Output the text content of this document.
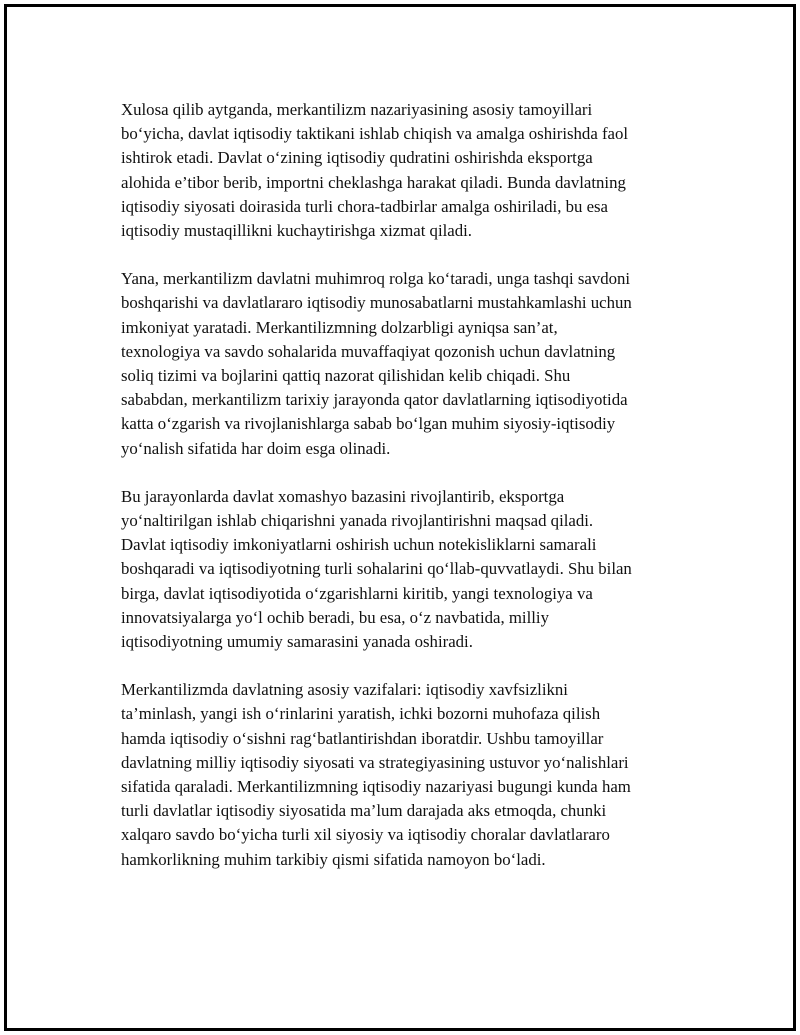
Xulosa qilib aytganda, merkantilizm nazariyasining asosiy tamoyillari
bo‘yicha, davlat iqtisodiy taktikani ishlab chiqish va amalga oshirishda faol
ishtirok etadi. Davlat o‘zining iqtisodiy qudratini oshirishda eksportga
alohida e’tibor berib, importni cheklashga harakat qiladi. Bunda davlatning
iqtisodiy siyosati doirasida turli chora-tadbirlar amalga oshiriladi, bu esa
iqtisodiy mustaqillikni kuchaytirishga xizmat qiladi.

Yana, merkantilizm davlatni muhimroq rolga ko‘taradi, unga tashqi savdoni
boshqarishi va davlatlararo iqtisodiy munosabatlarni mustahkamlashi uchun
imkoniyat yaratadi. Merkantilizmning dolzarbligi ayniqsa san’at,
texnologiya va savdo sohalarida muvaffaqiyat qozonish uchun davlatning
soliq tizimi va bojlarini qattiq nazorat qilishidan kelib chiqadi. Shu
sababdan, merkantilizm tarixiy jarayonda qator davlatlarning iqtisodiyotida
katta o‘zgarish va rivojlanishlarga sabab bo‘lgan muhim siyosiy-iqtisodiy
yo‘nalish sifatida har doim esga olinadi.

Bu jarayonlarda davlat xomashyo bazasini rivojlantirib, eksportga
yo‘naltirilgan ishlab chiqarishni yanada rivojlantirishni maqsad qiladi.
Davlat iqtisodiy imkoniyatlarni oshirish uchun notekisliklarni samarali
boshqaradi va iqtisodiyotning turli sohalarini qo‘llab-quvvatlaydi. Shu bilan
birga, davlat iqtisodiyotida o‘zgarishlarni kiritib, yangi texnologiya va
innovatsiyalarga yo‘l ochib beradi, bu esa, o‘z navbatida, milliy
iqtisodiyotning umumiy samarasini yanada oshiradi.

Merkantilizmda davlatning asosiy vazifalari: iqtisodiy xavfsizlikni
ta’minlash, yangi ish o‘rinlarini yaratish, ichki bozorni muhofaza qilish
hamda iqtisodiy o‘sishni rag‘batlantirishdan iboratdir. Ushbu tamoyillar
davlatning milliy iqtisodiy siyosati va strategiyasining ustuvor yo‘nalishlari
sifatida qaraladi. Merkantilizmning iqtisodiy nazariyasi bugungi kunda ham
turli davlatlar iqtisodiy siyosatida ma’lum darajada aks etmoqda, chunki
xalqaro savdo bo‘yicha turli xil siyosiy va iqtisodiy choralar davlatlararo
hamkorlikning muhim tarkibiy qismi sifatida namoyon bo‘ladi.
